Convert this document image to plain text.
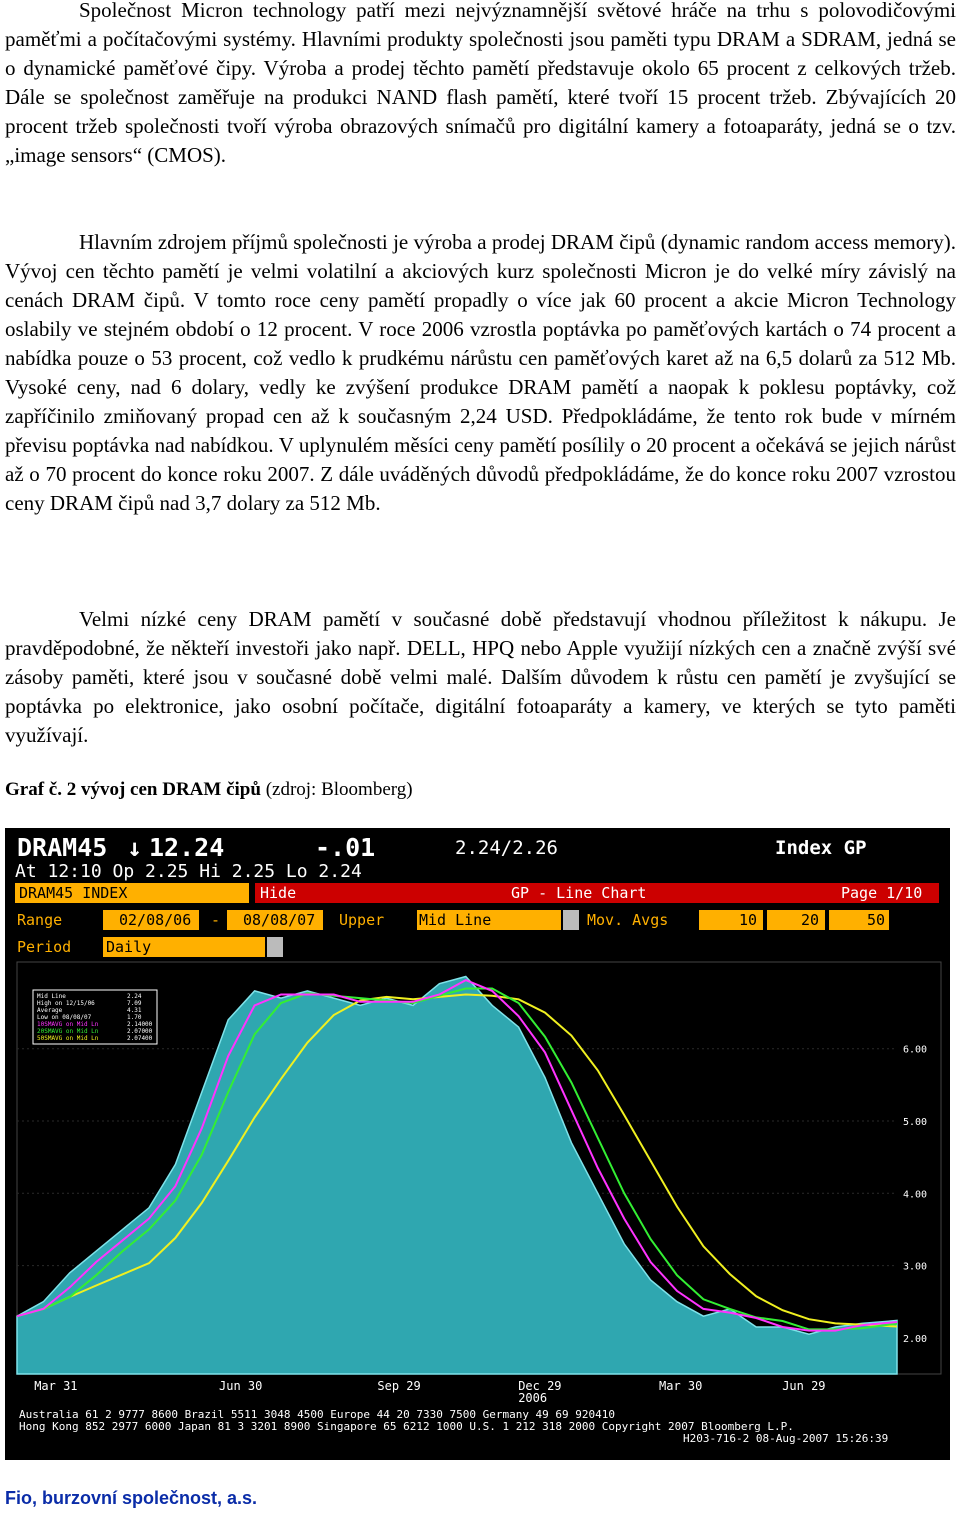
Společnost Micron technology patří mezi nejvýznamnější světové hráče na trhu s polovodičovými paměťmi a počítačovými systémy. Hlavními produkty společnosti jsou paměti typu DRAM a SDRAM, jedná se o dynamické paměťové čipy. Výroba a prodej těchto pamětí představuje okolo 65 procent z celkových tržeb. Dále se společnost zaměřuje na produkci NAND flash pamětí, které tvoří 15 procent tržeb. Zbývajících 20 procent tržeb společnosti tvoří výroba obrazových snímačů pro digitální kamery a fotoaparáty, jedná se o tzv. „image sensors“ (CMOS).

Hlavním zdrojem příjmů společnosti je výroba a prodej DRAM čipů (dynamic random access memory). Vývoj cen těchto pamětí je velmi volatilní a akciových kurz společnosti Micron je do velké míry závislý na cenách DRAM čipů. V tomto roce ceny pamětí propadly o více jak 60 procent a akcie Micron Technology oslabily ve stejném období o 12 procent. V roce 2006 vzrostla poptávka po paměťových kartách o 74 procent a nabídka pouze o 53 procent, což vedlo k prudkému nárůstu cen paměťových karet až na 6,5 dolarů za 512 Mb. Vysoké ceny, nad 6 dolary, vedly ke zvýšení produkce DRAM pamětí a naopak k poklesu poptávky, což zapříčinilo zmiňovaný propad cen až k současným 2,24 USD. Předpokládáme, že tento rok bude v mírném převisu poptávka nad nabídkou. V uplynulém měsíci ceny pamětí posílily o 20 procent a očekává se jejich nárůst až o 70 procent do konce roku 2007. Z dále uváděných důvodů předpokládáme, že do konce roku 2007 vzrostou ceny DRAM čipů nad 3,7 dolary za 512 Mb.

Velmi nízké ceny DRAM pamětí v současné době představují vhodnou příležitost k nákupu. Je pravděpodobné, že někteří investoři jako např. DELL, HPQ nebo Apple využijí nízkých cen a značně zvýší své zásoby paměti, které jsou v současné době velmi malé. Dalším důvodem k růstu cen pamětí je zvyšující se poptávka po elektronice, jako osobní počítače, digitální fotoaparáty a kamery, ve kterých se tyto paměti využívají.

Graf č. 2 vývoj cen DRAM čipů (zdroj: Bloomberg)
DRAM45 ↓ 12.24	-.01	2.24/2.26	Index GP
At 12:10 Op 2.25 Hi 2.25 Lo 2.24
DRAM45 INDEX	Hide	GP - Line Chart	Page 1/10
Range	02/08/06 - 08/08/07 Upper Mid Line	Mov. Avgs	10	20	50
Period Daily
2.00
3.00
4.00
5.00
6.00
Mar 31	Jun 30	Sep 29	Dec 29
2006
Mar 30	Jun 29
Mid Line	2.24
High on 12/15/06	7.09
Average	4.31
Low on 08/08/07	1.70
10SMAVG on Mid Ln	2.14000
20SMAVG on Mid Ln	2.07000
50SMAVG on Mid Ln	2.07400
Australia 61 2 9777 8600 Brazil 5511 3048 4500 Europe 44 20 7330 7500 Germany 49 69 920410
Hong Kong 852 2977 6000 Japan 81 3 3201 8900 Singapore 65 6212 1000 U.S. 1 212 318 2000 Copyright 2007 Bloomberg L.P.
H203-716-2 08-Aug-2007 15:26:39
Fio, burzovní společnost, a.s.
